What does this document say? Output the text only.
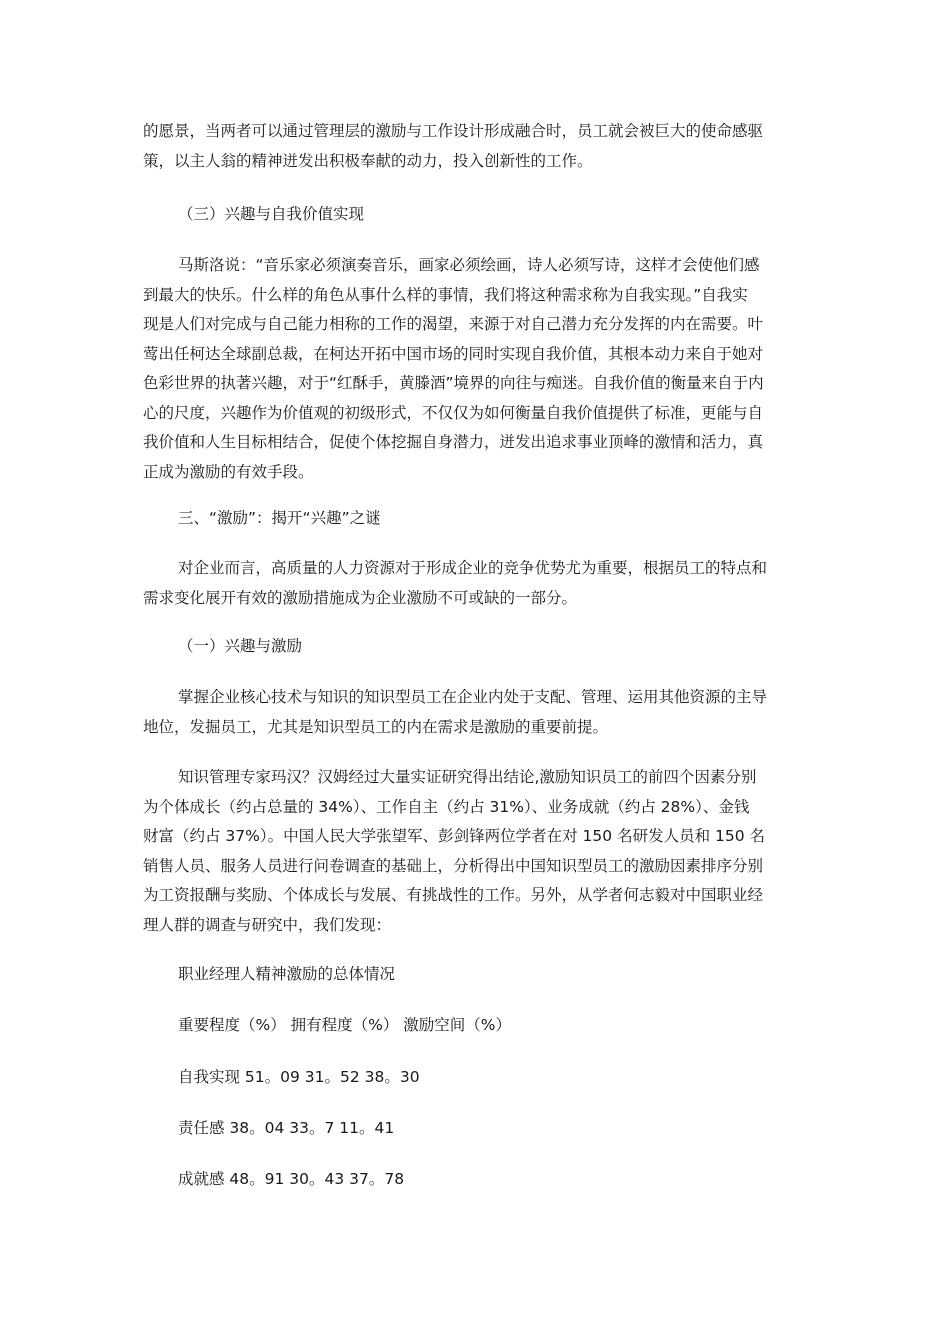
的愿景，当两者可以通过管理层的激励与工作设计形成融合时，员工就会被巨大的使命感驱
策，以主人翁的精神迸发出积极奉献的动力，投入创新性的工作。

（三）兴趣与自我价值实现

马斯洛说：“音乐家必须演奏音乐，画家必须绘画，诗人必须写诗，这样才会使他们感
到最大的快乐。什么样的角色从事什么样的事情，我们将这种需求称为自我实现。”自我实
现是人们对完成与自己能力相称的工作的渴望，来源于对自己潜力充分发挥的内在需要。叶
莺出任柯达全球副总裁，在柯达开拓中国市场的同时实现自我价值，其根本动力来自于她对
色彩世界的执著兴趣，对于“红酥手，黄滕酒”境界的向往与痴迷。自我价值的衡量来自于内
心的尺度，兴趣作为价值观的初级形式，不仅仅为如何衡量自我价值提供了标准，更能与自
我价值和人生目标相结合，促使个体挖掘自身潜力，迸发出追求事业顶峰的激情和活力，真
正成为激励的有效手段。

三、“激励”：揭开“兴趣”之谜

对企业而言，高质量的人力资源对于形成企业的竞争优势尤为重要，根据员工的特点和
需求变化展开有效的激励措施成为企业激励不可或缺的一部分。

（一）兴趣与激励

掌握企业核心技术与知识的知识型员工在企业内处于支配、管理、运用其他资源的主导
地位，发掘员工，尤其是知识型员工的内在需求是激励的重要前提。

知识管理专家玛汉？汉姆经过大量实证研究得出结论,激励知识员工的前四个因素分别
为个体成长（约占总量的 34%）、工作自主（约占 31%）、业务成就（约占 28%）、金钱
财富（约占 37%）。中国人民大学张望军、彭剑锋两位学者在对 150 名研发人员和 150 名
销售人员、服务人员进行问卷调查的基础上，分析得出中国知识型员工的激励因素排序分别
为工资报酬与奖励、个体成长与发展、有挑战性的工作。另外，从学者何志毅对中国职业经
理人群的调查与研究中，我们发现：

职业经理人精神激励的总体情况
重要程度（%） 拥有程度（%） 激励空间（%）
自我实现 51。09 31。52 38。30
责任感 38。04 33。7 11。41
成就感 48。91 30。43 37。78
